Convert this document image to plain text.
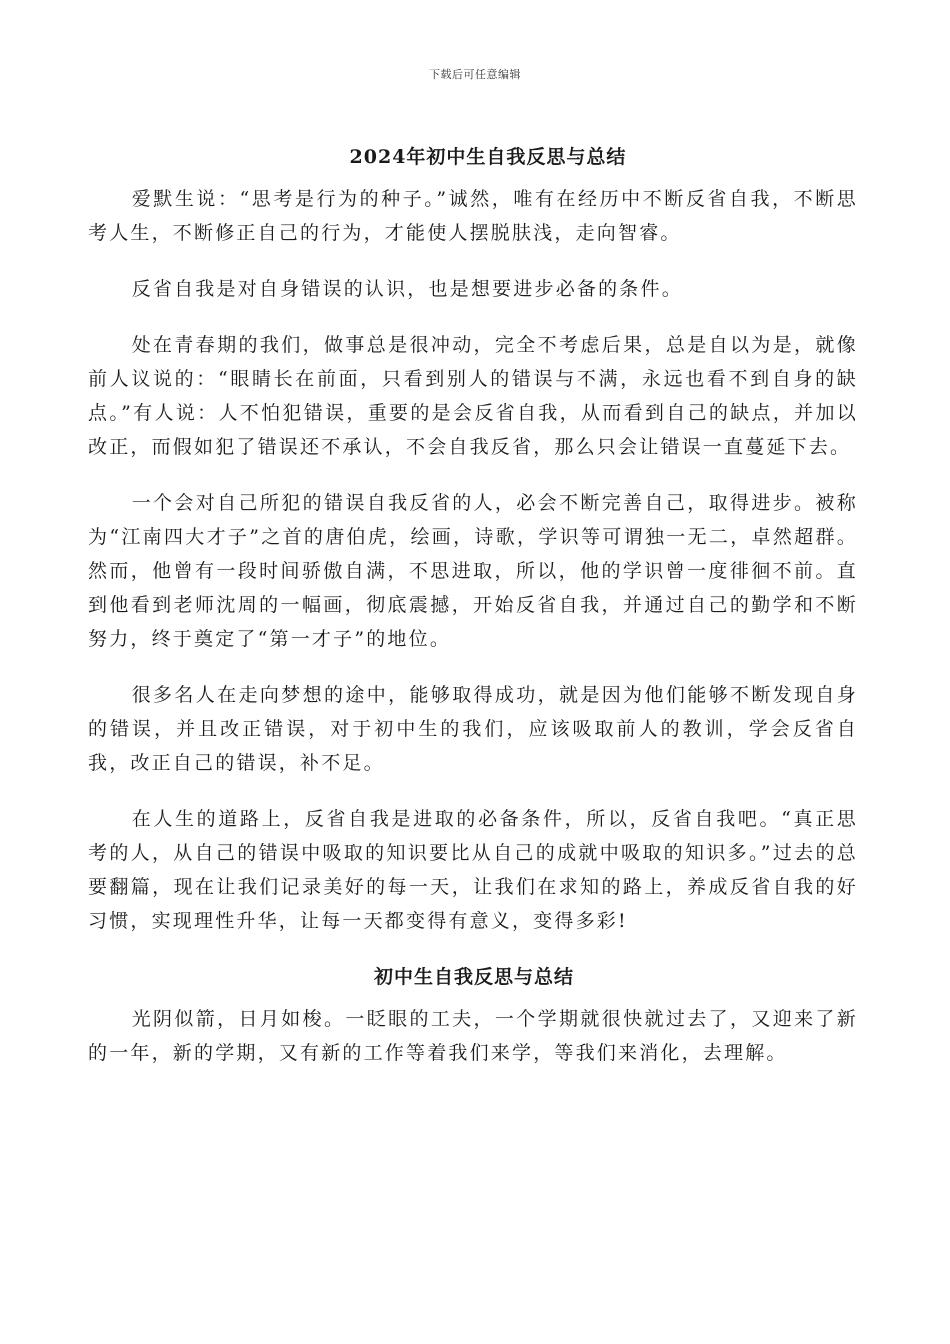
下载后可任意编辑
2024年初中生自我反思与总结

爱默生说：“思考是行为的种子。”诚然，唯有在经历中不断反省自我，不断思考人生，不断修正自己的行为，才能使人摆脱肤浅，走向智睿。

反省自我是对自身错误的认识，也是想要进步必备的条件。

处在青春期的我们，做事总是很冲动，完全不考虑后果，总是自以为是，就像前人议说的：“眼睛长在前面，只看到别人的错误与不满，永远也看不到自身的缺点。”有人说：人不怕犯错误，重要的是会反省自我，从而看到自己的缺点，并加以改正，而假如犯了错误还不承认，不会自我反省，那么只会让错误一直蔓延下去。

一个会对自己所犯的错误自我反省的人，必会不断完善自己，取得进步。被称为“江南四大才子”之首的唐伯虎，绘画，诗歌，学识等可谓独一无二，卓然超群。然而，他曾有一段时间骄傲自满，不思进取，所以，他的学识曾一度徘徊不前。直到他看到老师沈周的一幅画，彻底震撼，开始反省自我，并通过自己的勤学和不断努力，终于奠定了“第一才子”的地位。

很多名人在走向梦想的途中，能够取得成功，就是因为他们能够不断发现自身的错误，并且改正错误，对于初中生的我们，应该吸取前人的教训，学会反省自我，改正自己的错误，补不足。

在人生的道路上，反省自我是进取的必备条件，所以，反省自我吧。“真正思考的人，从自己的错误中吸取的知识要比从自己的成就中吸取的知识多。”过去的总要翻篇，现在让我们记录美好的每一天，让我们在求知的路上，养成反省自我的好习惯，实现理性升华，让每一天都变得有意义，变得多彩!

初中生自我反思与总结

光阴似箭，日月如梭。一眨眼的工夫，一个学期就很快就过去了，又迎来了新的一年，新的学期，又有新的工作等着我们来学，等我们来消化，去理解。
